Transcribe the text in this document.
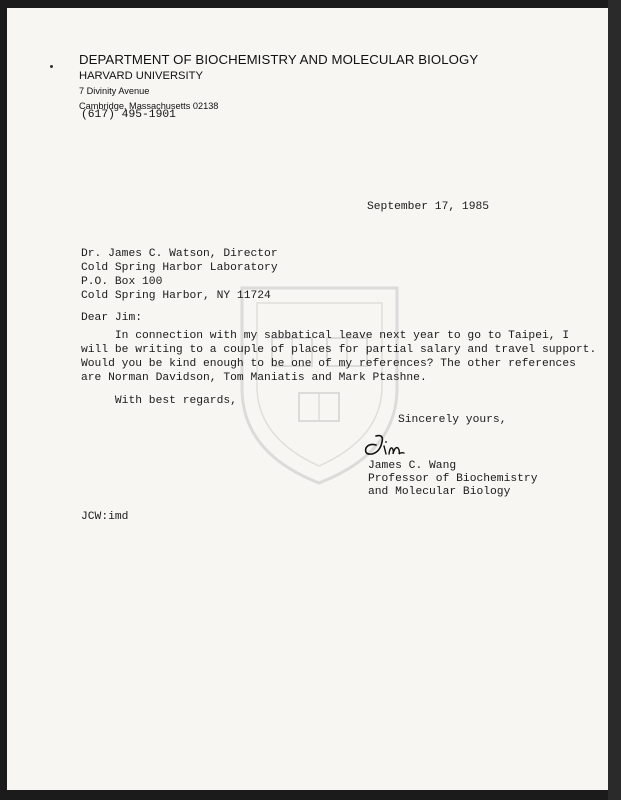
DEPARTMENT OF BIOCHEMISTRY AND MOLECULAR BIOLOGY
HARVARD UNIVERSITY
7 Divinity Avenue
Cambridge, Massachusetts 02138
(617) 495-1901
September 17, 1985
Dr. James C. Watson, Director
Cold Spring Harbor Laboratory
P.O. Box 100
Cold Spring Harbor, NY 11724
Dear Jim:
In connection with my sabbatical leave next year to go to Taipei, I
will be writing to a couple of places for partial salary and travel support.
Would you be kind enough to be one of my references? The other references
are Norman Davidson, Tom Maniatis and Mark Ptashne.
With best regards,
Sincerely yours,
James C. Wang
Professor of Biochemistry
and Molecular Biology
JCW:imd
